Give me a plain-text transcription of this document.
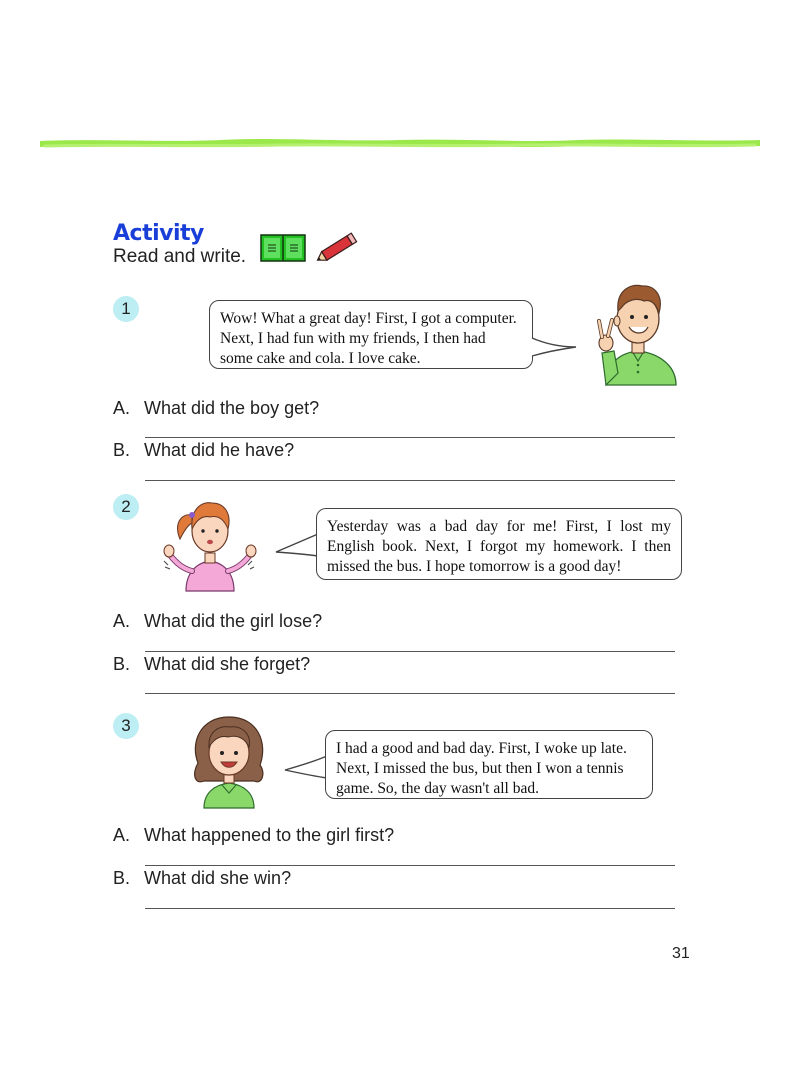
Activity
Read and write.
1
Wow! What a great day! First, I got a computer. Next, I had fun with my friends, I then had some cake and cola. I love cake.
A. What did the boy get?
B. What did he have?
2
Yesterday was a bad day for me! First, I lost my English book. Next, I forgot my homework. I then missed the bus. I hope tomorrow is a good day!
A. What did the girl lose?
B. What did she forget?
3
I had a good and bad day. First, I woke up late. Next, I missed the bus, but then I won a tennis game. So, the day wasn't all bad.
A. What happened to the girl first?
B. What did she win?
31
